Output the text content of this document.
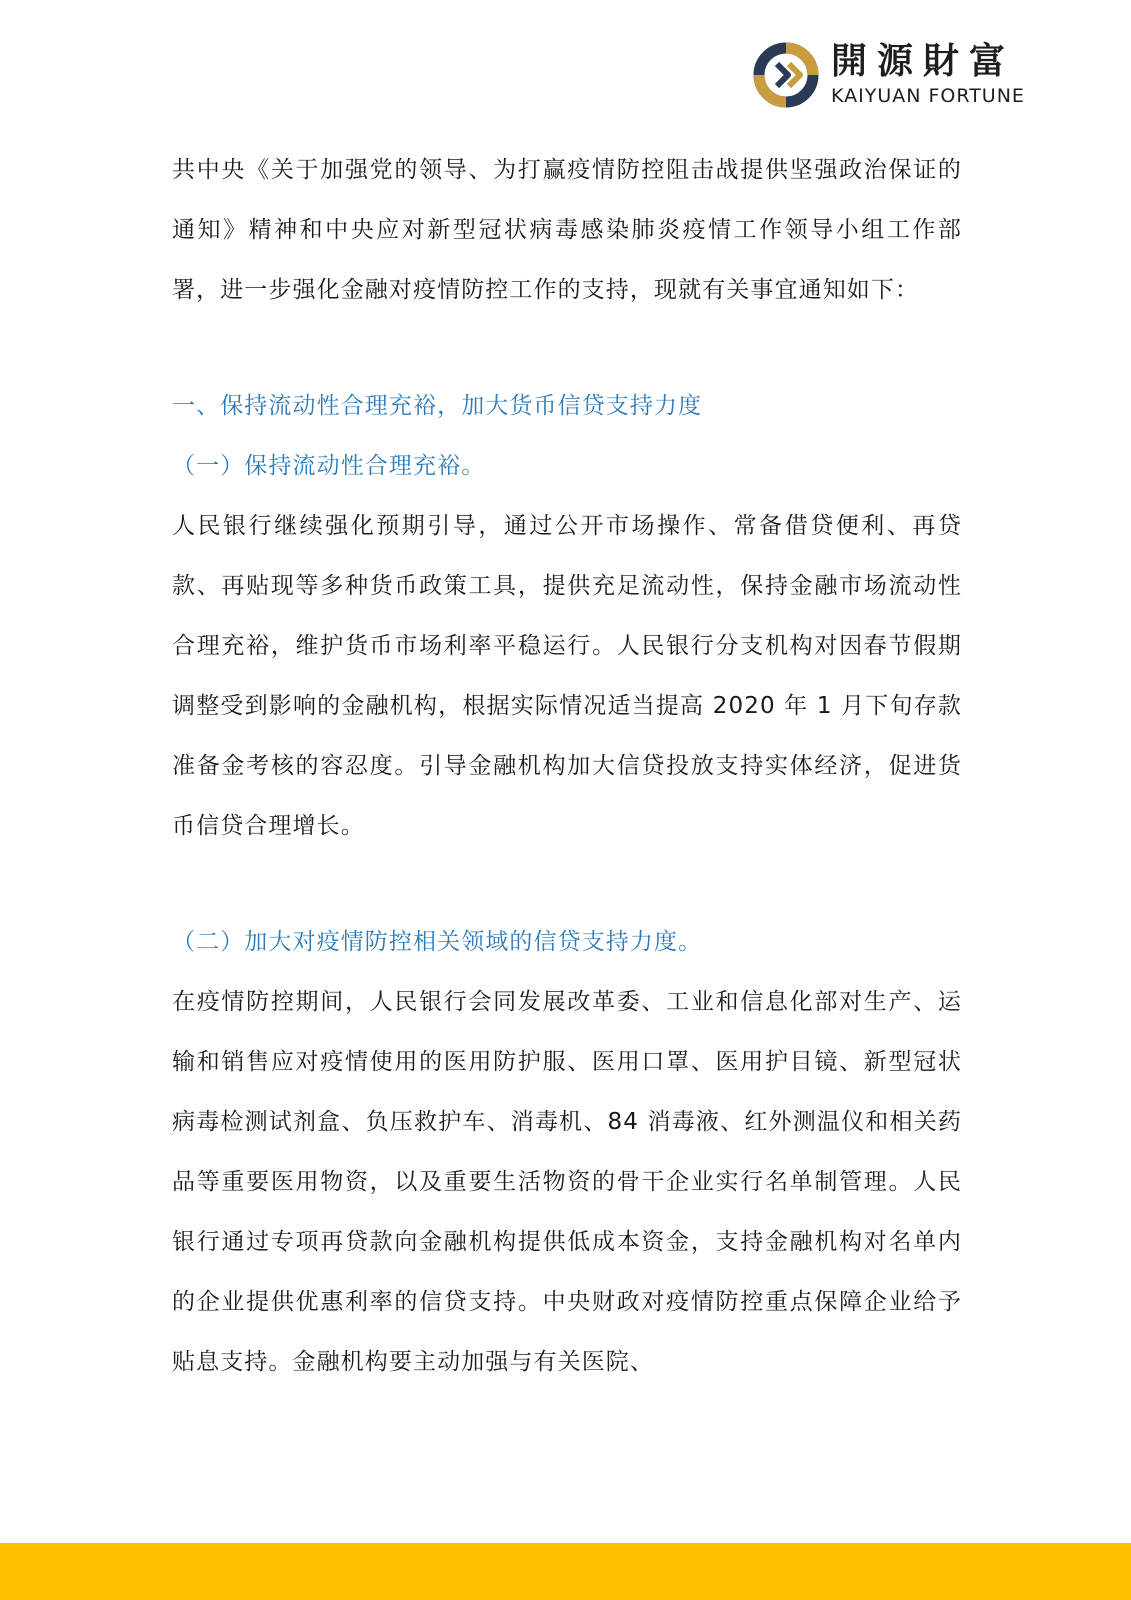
開源財富
KAIYUAN FORTUNE

共中央《关于加强党的领导、为打赢疫情防控阻击战提供坚强政治保证的通知》精神和中央应对新型冠状病毒感染肺炎疫情工作领导小组工作部署，进一步强化金融对疫情防控工作的支持，现就有关事宜通知如下：

一、保持流动性合理充裕，加大货币信贷支持力度

（一）保持流动性合理充裕。

人民银行继续强化预期引导，通过公开市场操作、常备借贷便利、再贷款、再贴现等多种货币政策工具，提供充足流动性，保持金融市场流动性合理充裕，维护货币市场利率平稳运行。人民银行分支机构对因春节假期调整受到影响的金融机构，根据实际情况适当提高 2020 年 1 月下旬存款准备金考核的容忍度。引导金融机构加大信贷投放支持实体经济，促进货币信贷合理增长。

（二）加大对疫情防控相关领域的信贷支持力度。

在疫情防控期间，人民银行会同发展改革委、工业和信息化部对生产、运输和销售应对疫情使用的医用防护服、医用口罩、医用护目镜、新型冠状病毒检测试剂盒、负压救护车、消毒机、84 消毒液、红外测温仪和相关药品等重要医用物资，以及重要生活物资的骨干企业实行名单制管理。人民银行通过专项再贷款向金融机构提供低成本资金，支持金融机构对名单内的企业提供优惠利率的信贷支持。中央财政对疫情防控重点保障企业给予贴息支持。金融机构要主动加强与有关医院、
